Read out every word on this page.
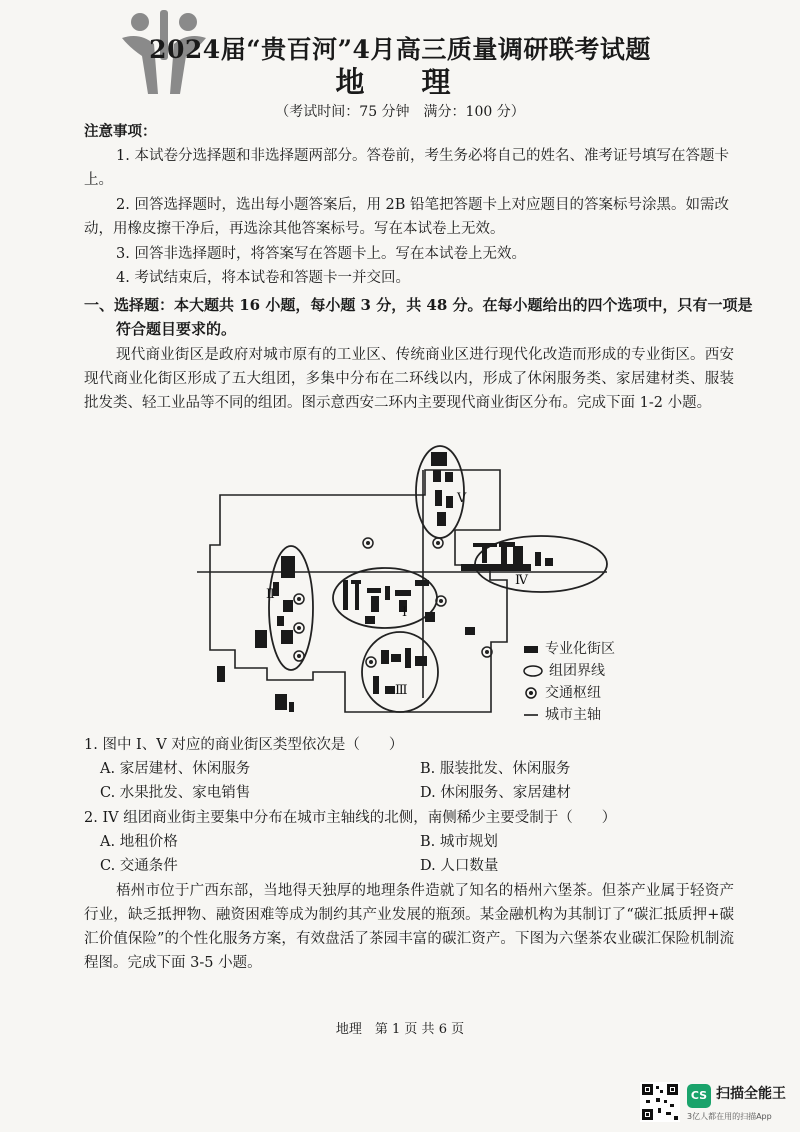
2024届“贵百河”4月高三质量调研联考试题
地　理
（考试时间：75 分钟　满分：100 分）

注意事项：

1. 本试卷分选择题和非选择题两部分。答卷前，考生务必将自己的姓名、准考证号填写在答题卡上。

2. 回答选择题时，选出每小题答案后，用 2B 铅笔把答题卡上对应题目的答案标号涂黑。如需改动，用橡皮擦干净后，再选涂其他答案标号。写在本试卷上无效。

3. 回答非选择题时，将答案写在答题卡上。写在本试卷上无效。

4. 考试结束后，将本试卷和答题卡一并交回。

一、选择题：本大题共 16 小题，每小题 3 分，共 48 分。在每小题给出的四个选项中，只有一项是符合题目要求的。

现代商业街区是政府对城市原有的工业区、传统商业区进行现代化改造而形成的专业街区。西安现代商业化街区形成了五大组团，多集中分布在二环线以内，形成了休闲服务类、家居建材类、服装批发类、轻工业品等不同的组团。图示意西安二环内主要现代商业街区分布。完成下面 1-2 小题。

Ⅴ
Ⅳ
Ⅰ
Ⅱ
Ⅲ
专业化街区
组团界线
交通枢纽
城市主轴
1. 图中 I、V 对应的商业街区类型依次是（　　）
A. 家居建材、休闲服务	B. 服装批发、休闲服务
C. 水果批发、家电销售	D. 休闲服务、家居建材
2. IV 组团商业街主要集中分布在城市主轴线的北侧，南侧稀少主要受制于（　　）
A. 地租价格	B. 城市规划
C. 交通条件	D. 人口数量

梧州市位于广西东部，当地得天独厚的地理条件造就了知名的梧州六堡茶。但茶产业属于轻资产行业，缺乏抵押物、融资困难等成为制约其产业发展的瓶颈。某金融机构为其制订了“碳汇抵质押+碳汇价值保险”的个性化服务方案，有效盘活了茶园丰富的碳汇资产。下图为六堡茶农业碳汇保险机制流程图。完成下面 3-5 小题。

地理　第 1 页 共 6 页
CS 扫描全能王
3亿人都在用的扫描App
